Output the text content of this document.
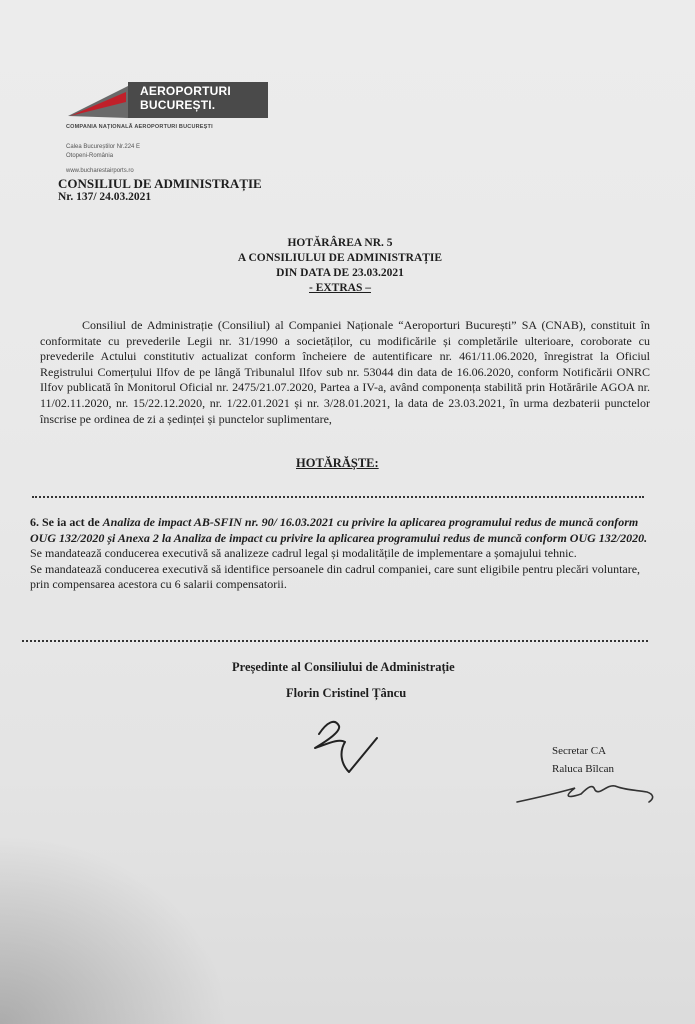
AEROPORTURI
BUCUREȘTI.
COMPANIA NAȚIONALĂ AEROPORTURI BUCUREȘTI
Calea Bucureștilor Nr.224 E
Otopeni-România
www.bucharestairports.ro
CONSILIUL DE ADMINISTRAȚIE
Nr. 137/ 24.03.2021
HOTĂRÂREA NR. 5
A CONSILIULUI DE ADMINISTRAȚIE
DIN DATA DE 23.03.2021
- EXTRAS –
Consiliul de Administrație (Consiliul) al Companiei Naționale “Aeroporturi București” SA (CNAB), constituit în conformitate cu prevederile Legii nr. 31/1990 a societăților, cu modificările și completările ulterioare, coroborate cu prevederile Actului constitutiv actualizat conform încheiere de autentificare nr. 461/11.06.2020, înregistrat la Oficiul Registrului Comerțului Ilfov de pe lângă Tribunalul Ilfov sub nr. 53044 din data de 16.06.2020, conform Notificării ONRC Ilfov publicată în Monitorul Oficial nr. 2475/21.07.2020, Partea a IV-a, având componența stabilită prin Hotărârile AGOA nr. 11/02.11.2020, nr. 15/22.12.2020, nr. 1/22.01.2021 și nr. 3/28.01.2021, la data de 23.03.2021, în urma dezbaterii punctelor înscrise pe ordinea de zi a ședinței și punctelor suplimentare,
HOTĂRĂȘTE:
6. Se ia act de Analiza de impact AB-SFIN nr. 90/ 16.03.2021 cu privire la aplicarea programului redus de muncă conform OUG 132/2020 și Anexa 2 la Analiza de impact cu privire la aplicarea programului redus de muncă conform OUG 132/2020.
Se mandatează conducerea executivă să analizeze cadrul legal și modalitățile de implementare a șomajului tehnic.
Se mandatează conducerea executivă să identifice persoanele din cadrul companiei, care sunt eligibile pentru plecări voluntare, prin compensarea acestora cu 6 salarii compensatorii.
Președinte al Consiliului de Administrație
Florin Cristinel Țâncu
Secretar CA
Raluca Bîlcan
